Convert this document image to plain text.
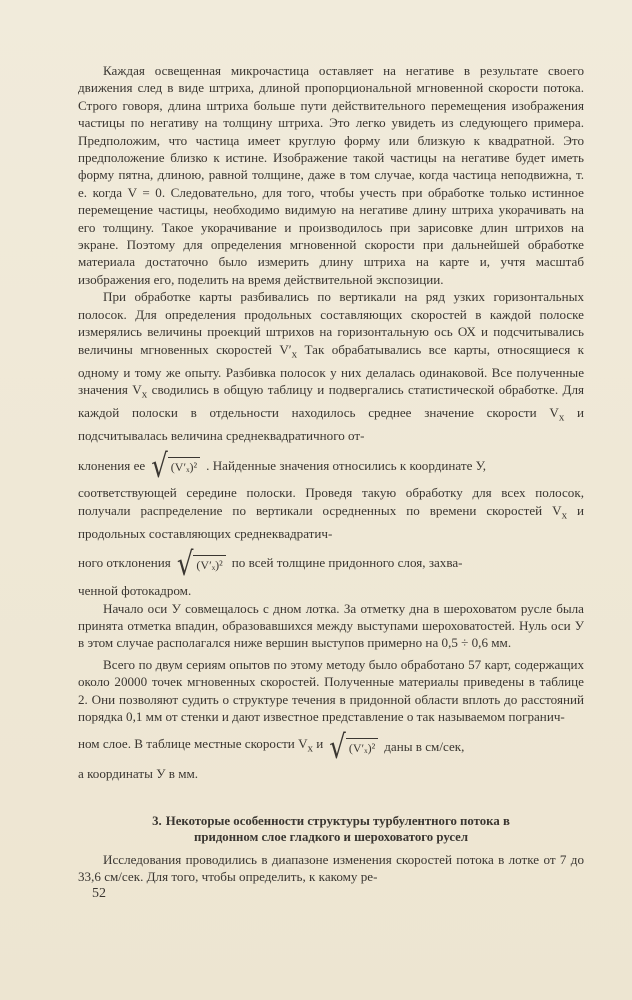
Каждая освещенная микрочастица оставляет на негативе в результате своего движения след в виде штриха, длиной пропорциональной мгновенной скорости потока. Строго говоря, длина штриха больше пути действительного перемещения изображения частицы по негативу на толщину штриха. Это легко увидеть из следующего примера. Предположим, что частица имеет круглую форму или близкую к квадратной. Это предположение близко к истине. Изображение такой частицы на негативе будет иметь форму пятна, длиною, равной толщине, даже в том случае, когда частица неподвижна, т. е. когда V = 0. Следовательно, для того, чтобы учесть при обработке только истинное перемещение частицы, необходимо видимую на негативе длину штриха укорачивать на его толщину. Такое укорачивание и производилось при зарисовке длин штрихов на экране. Поэтому для определения мгновенной скорости при дальнейшей обработке материала достаточно было измерить длину штриха на карте и, учтя масштаб изображения его, поделить на время действительной экспозиции.

При обработке карты разбивались по вертикали на ряд узких горизонтальных полосок. Для определения продольных составляющих скоростей в каждой полоске измерялись величины проекций штрихов на горизонтальную ось ОХ и подсчитывались величины мгновенных скоростей $V'_x$ Так обрабатывались все карты, относящиеся к одному и тому же опыту. Разбивка полосок у них делалась одинаковой. Все полученные значения $V_x$ сводились в общую таблицу и подвергались статистической обработке. Для каждой полоски в отдельности находилось среднее значение скорости $V_x$ и подсчитывалась величина среднеквадратичного от-

клонения ее √ (V′ₓ)² . Найденные значения относились к координате У,

соответствующей середине полоски. Проведя такую обработку для всех полосок, получали распределение по вертикали осредненных по времени скоростей $V_x$ и продольных составляющих среднеквадратич-

ного отклонения √ (V′ₓ)² по всей толщине придонного слоя, захва-

ченной фотокадром.

Начало оси У совмещалось с дном лотка. За отметку дна в шероховатом русле была принята отметка впадин, образовавшихся между выступами шероховатостей. Нуль оси У в этом случае располагался ниже вершин выступов примерно на 0,5 ÷ 0,6 мм.

Всего по двум сериям опытов по этому методу было обработано 57 карт, содержащих около 20000 точек мгновенных скоростей. Полученные материалы приведены в таблице 2. Они позволяют судить о структуре течения в придонной области вплоть до расстояний порядка 0,1 мм от стенки и дают известное представление о так называемом погранич-

ном слое. В таблице местные скорости $V_x$ и √ (V′ₓ)² даны в см/сек,

а координаты У в мм.

3. Некоторые особенности структуры турбулентного потока в
придонном слое гладкого и шероховатого русел

Исследования проводились в диапазоне изменения скоростей потока в лотке от 7 до 33,6 см/сек. Для того, чтобы определить, к какому ре-

52
